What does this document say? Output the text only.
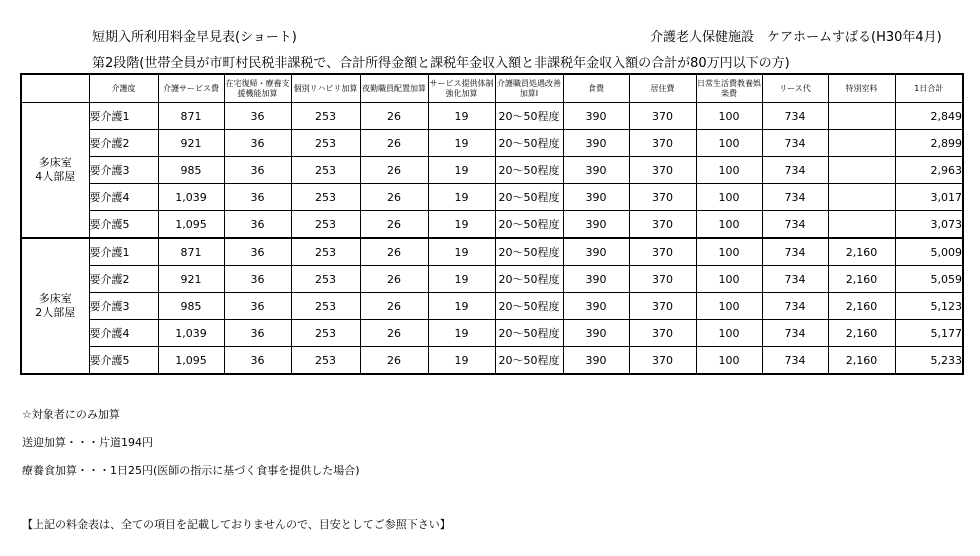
短期入所利用料金早見表(ショート)	介護老人保健施設　ケアホームすばる(H30年4月)
第2段階(世帯全員が市町村民税非課税で、合計所得金額と課税年金収入額と非課税年金収入額の合計が80万円以下の方)
	介護度	介護サービス費	在宅復帰・療養支援機能加算	個別リハビリ加算	夜勤職員配置加算	サービス提供体制強化加算	介護職員処遇改善加算Ⅰ	食費	居住費	日常生活費教養娯楽費	リース代	特別室料	1日合計

多床室
4人部屋	要介護1	871	36	253	26	19	20～50程度	390	370	100	734		2,849
	要介護2	921	36	253	26	19	20～50程度	390	370	100	734		2,899
	要介護3	985	36	253	26	19	20～50程度	390	370	100	734		2,963
	要介護4	1,039	36	253	26	19	20～50程度	390	370	100	734		3,017
	要介護5	1,095	36	253	26	19	20～50程度	390	370	100	734		3,073

多床室
2人部屋	要介護1	871	36	253	26	19	20～50程度	390	370	100	734	2,160	5,009
	要介護2	921	36	253	26	19	20～50程度	390	370	100	734	2,160	5,059
	要介護3	985	36	253	26	19	20～50程度	390	370	100	734	2,160	5,123
	要介護4	1,039	36	253	26	19	20～50程度	390	370	100	734	2,160	5,177
	要介護5	1,095	36	253	26	19	20～50程度	390	370	100	734	2,160	5,233
☆対象者にのみ加算
送迎加算・・・片道194円
療養食加算・・・1日25円(医師の指示に基づく食事を提供した場合)
【上記の料金表は、全ての項目を記載しておりませんので、目安としてご参照下さい】
